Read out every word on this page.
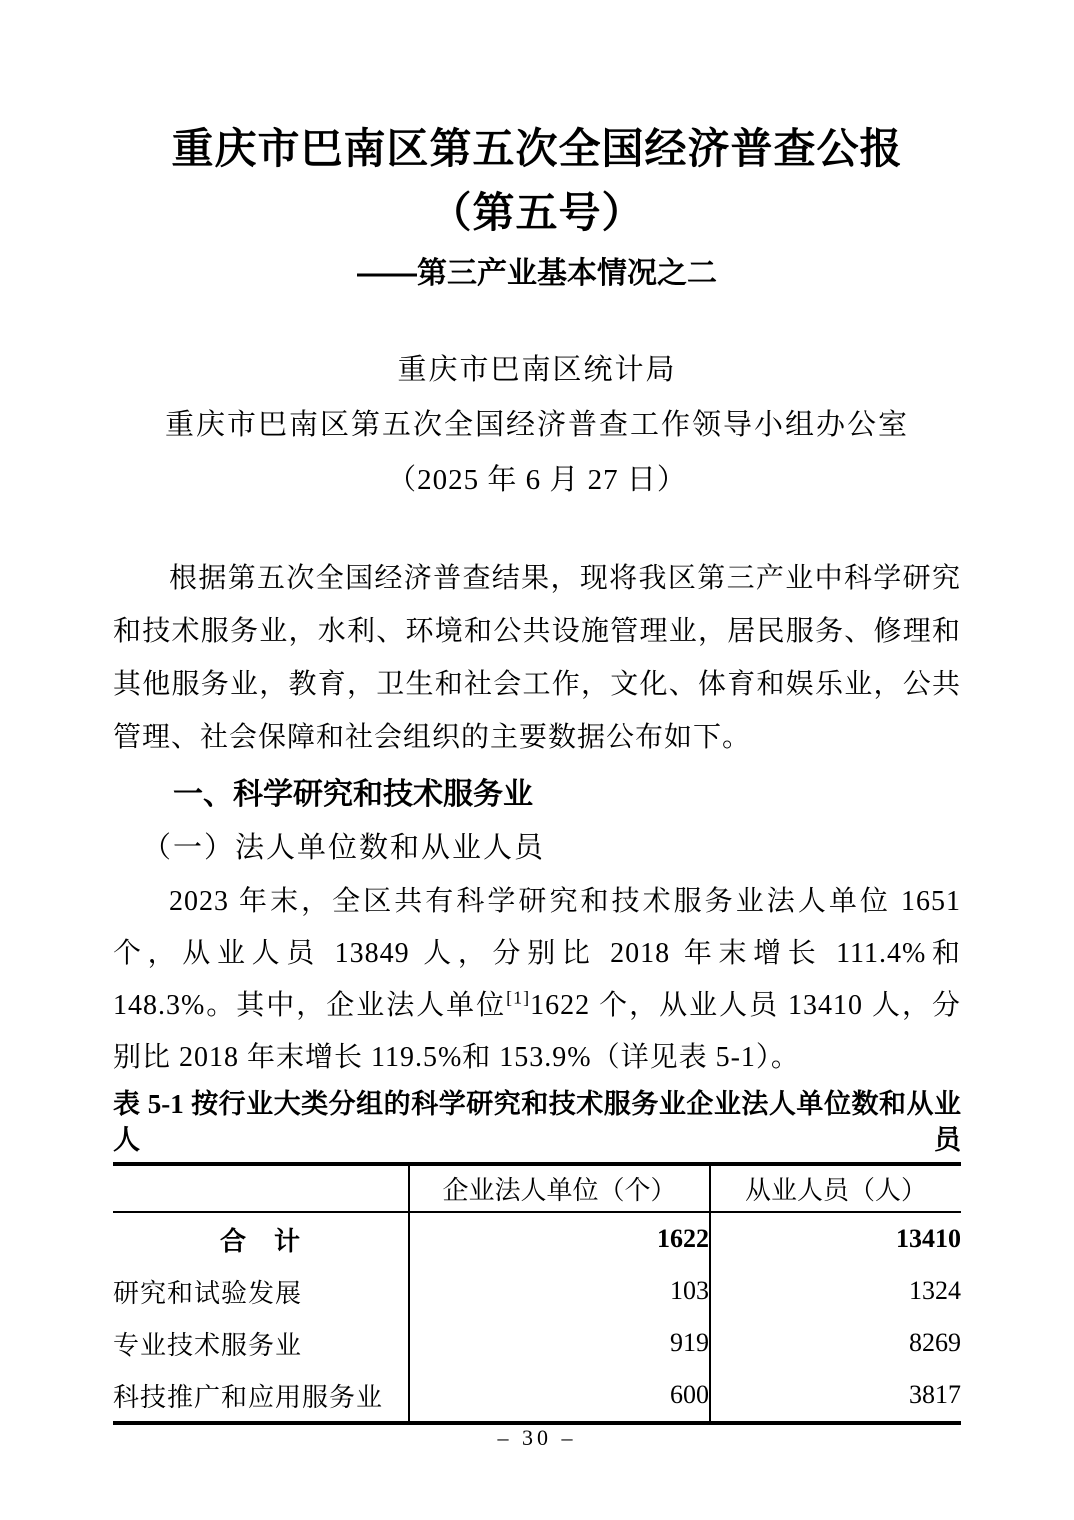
重庆市巴南区第五次全国经济普查公报
（第五号）
——第三产业基本情况之二
重庆市巴南区统计局
重庆市巴南区第五次全国经济普查工作领导小组办公室
（2025 年 6 月 27 日）
根据第五次全国经济普查结果，现将我区第三产业中科学研究和技术服务业，水利、环境和公共设施管理业，居民服务、修理和其他服务业，教育，卫生和社会工作，文化、体育和娱乐业，公共管理、社会保障和社会组织的主要数据公布如下。
一、科学研究和技术服务业
（一）法人单位数和从业人员
2023 年末，全区共有科学研究和技术服务业法人单位 1651 个，从业人员 13849 人，分别比 2018 年末增长 111.4%和 148.3%。其中，企业法人单位[1]1622 个，从业人员 13410 人，分别比 2018 年末增长 119.5%和 153.9%（详见表 5-1）。
表 5-1 按行业大类分组的科学研究和技术服务业企业法人单位数和从业人员
	企业法人单位（个）	从业人员（人）
合　计	1622	13410
研究和试验发展	103	1324
专业技术服务业	919	8269
科技推广和应用服务业	600	3817
– 30 –
